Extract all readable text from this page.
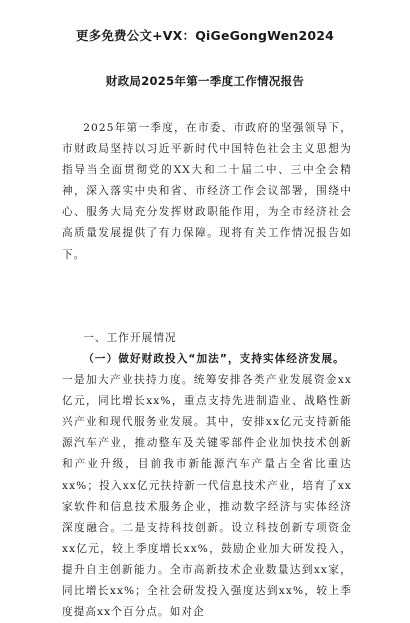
更多免费公文+VX：QiGeGongWen2024
财政局2025年第一季度工作情况报告
2025年第一季度，在市委、市政府的坚强领导下，市财政局坚持以习近平新时代中国特色社会主义思想为指导当全面贯彻党的XX大和二十届二中、三中全会精神，深入落实中央和省、市经济工作会议部署，围绕中心、服务大局充分发挥财政职能作用，为全市经济社会高质量发展提供了有力保障。现将有关工作情况报告如下。
一、工作开展情况
（一）做好财政投入“加法”，支持实体经济发展。
一是加大产业扶持力度。统筹安排各类产业发展资金xx亿元，同比增长xx%，重点支持先进制造业、战略性新兴产业和现代服务业发展。其中，安排xx亿元支持新能源汽车产业，推动整车及关键零部件企业加快技术创新和产业升级，目前我市新能源汽车产量占全省比重达xx%；投入xx亿元扶持新一代信息技术产业，培育了xx家软件和信息技术服务企业，推动数字经济与实体经济深度融合。二是支持科技创新。设立科技创新专项资金xx亿元，较上季度增长xx%，鼓励企业加大研发投入，提升自主创新能力。全市高新技术企业数量达到xx家，同比增长xx%；全社会研发投入强度达到xx%，较上季度提高xx个百分点。如对企
